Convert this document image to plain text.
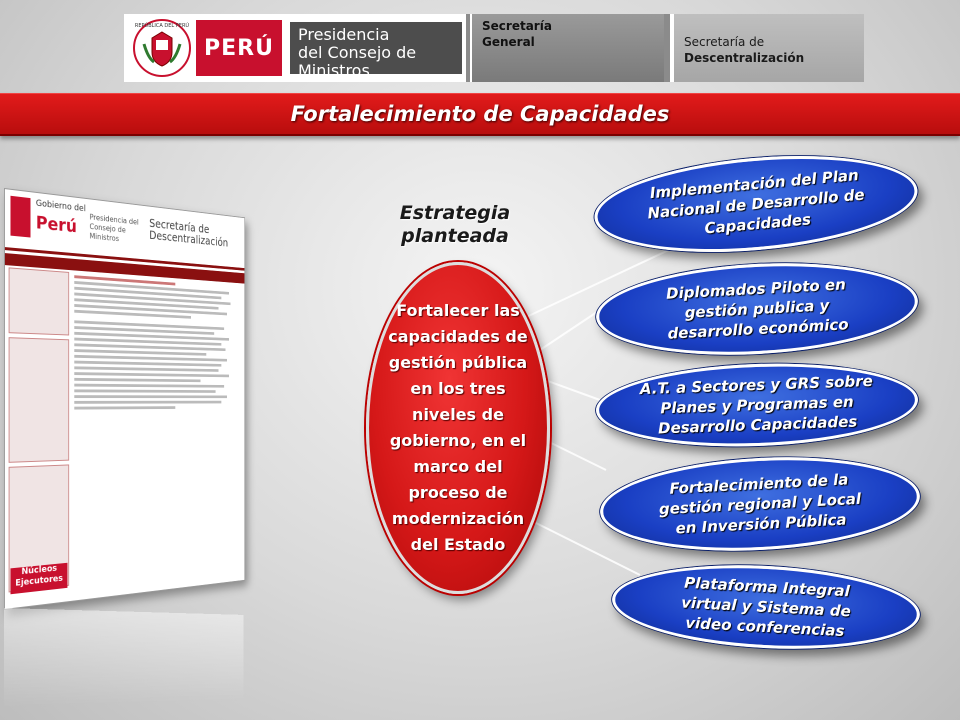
REPÚBLICA DEL PERÚ
PERÚ
Presidencia
del Consejo de Ministros
Secretaría
General	Secretaría de
Descentralización
Fortalecimiento de Capacidades
Gobierno del
Perú Presidencia del Consejo de Ministros
Secretaría de Descentralización
Núcleos Ejecutores
Estrategia
planteada
Fortalecer las capacidades de gestión pública en los tres niveles de gobierno, en el marco del proceso de modernización del Estado
Implementación del Plan Nacional de Desarrollo de Capacidades
Diplomados Piloto en gestión publica y desarrollo económico
A.T. a Sectores y GRS sobre Planes y Programas en Desarrollo Capacidades
Fortalecimiento de la gestión regional y Local en Inversión Pública
Plataforma Integral virtual y Sistema de video conferencias
